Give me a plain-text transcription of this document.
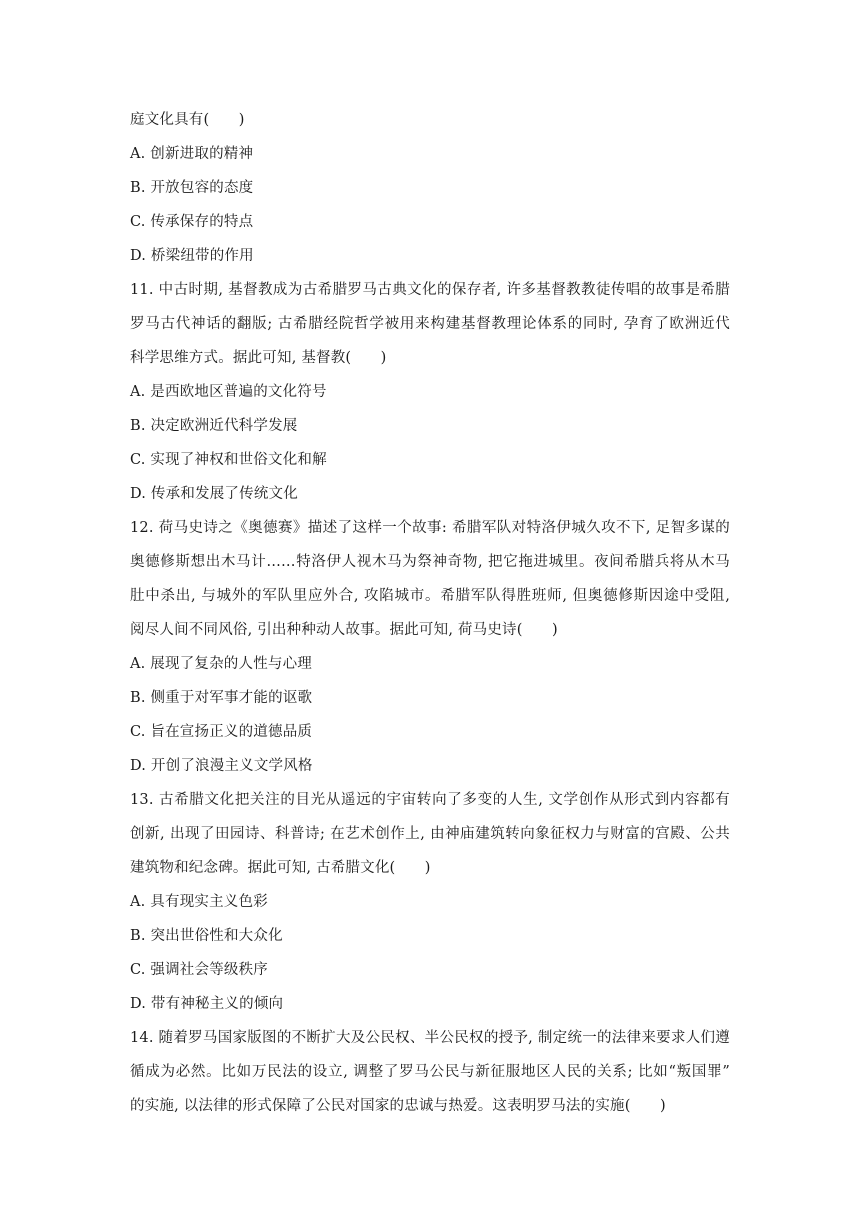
庭文化具有(　　)
A. 创新进取的精神
B. 开放包容的态度
C. 传承保存的特点
D. 桥梁纽带的作用
11. 中古时期, 基督教成为古希腊罗马古典文化的保存者, 许多基督教教徒传唱的故事是希腊
罗马古代神话的翻版; 古希腊经院哲学被用来构建基督教理论体系的同时, 孕育了欧洲近代
科学思维方式。据此可知, 基督教(　　)
A. 是西欧地区普遍的文化符号
B. 决定欧洲近代科学发展
C. 实现了神权和世俗文化和解
D. 传承和发展了传统文化
12. 荷马史诗之《奥德赛》描述了这样一个故事: 希腊军队对特洛伊城久攻不下, 足智多谋的
奥德修斯想出木马计……特洛伊人视木马为祭神奇物, 把它拖进城里。夜间希腊兵将从木马
肚中杀出, 与城外的军队里应外合, 攻陷城市。希腊军队得胜班师, 但奥德修斯因途中受阻,
阅尽人间不同风俗, 引出种种动人故事。据此可知, 荷马史诗(　　)
A. 展现了复杂的人性与心理
B. 侧重于对军事才能的讴歌
C. 旨在宣扬正义的道德品质
D. 开创了浪漫主义文学风格
13. 古希腊文化把关注的目光从遥远的宇宙转向了多变的人生, 文学创作从形式到内容都有
创新, 出现了田园诗、科普诗; 在艺术创作上, 由神庙建筑转向象征权力与财富的宫殿、公共
建筑物和纪念碑。据此可知, 古希腊文化(　　)
A. 具有现实主义色彩
B. 突出世俗性和大众化
C. 强调社会等级秩序
D. 带有神秘主义的倾向
14. 随着罗马国家版图的不断扩大及公民权、半公民权的授予, 制定统一的法律来要求人们遵
循成为必然。比如万民法的设立, 调整了罗马公民与新征服地区人民的关系; 比如“叛国罪”
的实施, 以法律的形式保障了公民对国家的忠诚与热爱。这表明罗马法的实施(　　)
